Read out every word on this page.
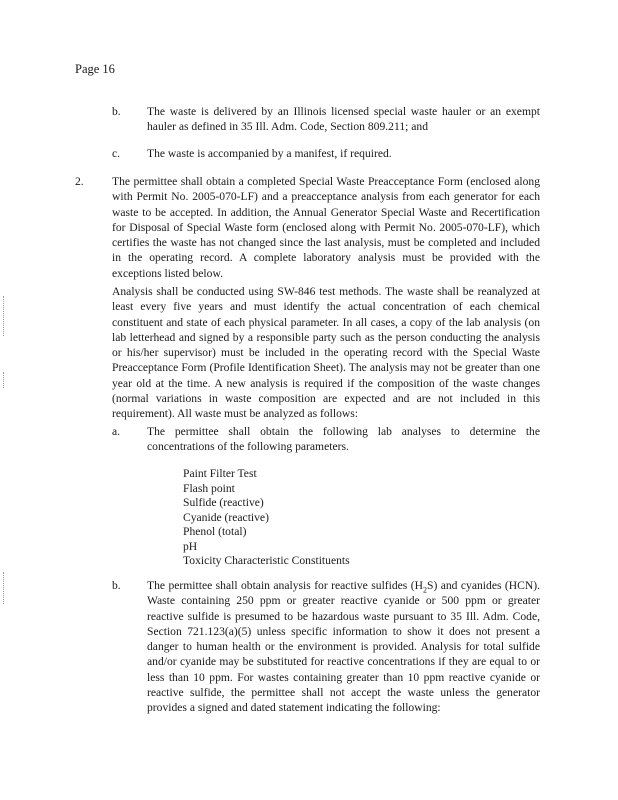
Page 16
b. The waste is delivered by an Illinois licensed special waste hauler or an exempt hauler as defined in 35 Ill. Adm. Code, Section 809.211; and
c. The waste is accompanied by a manifest, if required.
2. The permittee shall obtain a completed Special Waste Preacceptance Form (enclosed along with Permit No. 2005-070-LF) and a preacceptance analysis from each generator for each waste to be accepted. In addition, the Annual Generator Special Waste and Recertification for Disposal of Special Waste form (enclosed along with Permit No. 2005-070-LF), which certifies the waste has not changed since the last analysis, must be completed and included in the operating record. A complete laboratory analysis must be provided with the exceptions listed below.
Analysis shall be conducted using SW-846 test methods. The waste shall be reanalyzed at least every five years and must identify the actual concentration of each chemical constituent and state of each physical parameter. In all cases, a copy of the lab analysis (on lab letterhead and signed by a responsible party such as the person conducting the analysis or his/her supervisor) must be included in the operating record with the Special Waste Preacceptance Form (Profile Identification Sheet). The analysis may not be greater than one year old at the time. A new analysis is required if the composition of the waste changes (normal variations in waste composition are expected and are not included in this requirement). All waste must be analyzed as follows:
a. The permittee shall obtain the following lab analyses to determine the concentrations of the following parameters.
Paint Filter Test
Flash point
Sulfide (reactive)
Cyanide (reactive)
Phenol (total)
pH
Toxicity Characteristic Constituents
b. The permittee shall obtain analysis for reactive sulfides $(H_2S)$ and cyanides (HCN). Waste containing 250 ppm or greater reactive cyanide or 500 ppm or greater reactive sulfide is presumed to be hazardous waste pursuant to 35 Ill. Adm. Code, Section 721.123(a)(5) unless specific information to show it does not present a danger to human health or the environment is provided. Analysis for total sulfide and/or cyanide may be substituted for reactive concentrations if they are equal to or less than 10 ppm. For wastes containing greater than 10 ppm reactive cyanide or reactive sulfide, the permittee shall not accept the waste unless the generator provides a signed and dated statement indicating the following:
